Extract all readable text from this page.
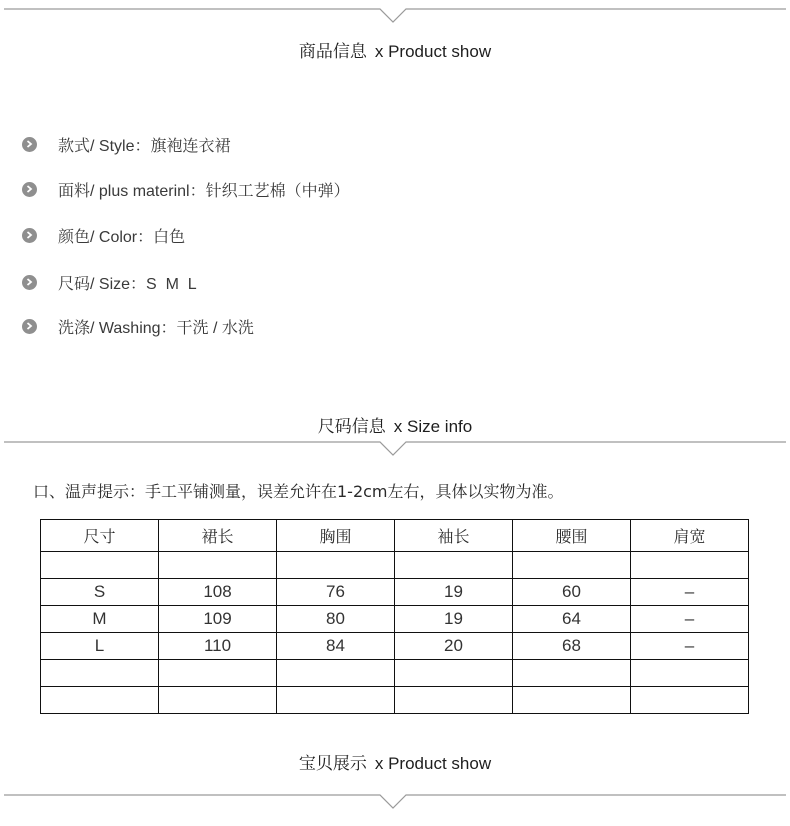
商品信息 x Product show
款式/ Style：旗袍连衣裙
面料/ plus materinl：针织工艺棉（中弹）
颜色/ Color：白色
尺码/ Size：S  M  L
洗涤/ Washing：干洗 / 水洗
尺码信息 x Size info
口、温声提示：手工平铺测量，误差允许在1-2cm左右，具体以实物为准。
尺寸	裙长	胸围	袖长	腰围	肩宽

S	108	76	19	60	–
M	109	80	19	64	–
L	110	84	20	68	–

宝贝展示 x Product show
